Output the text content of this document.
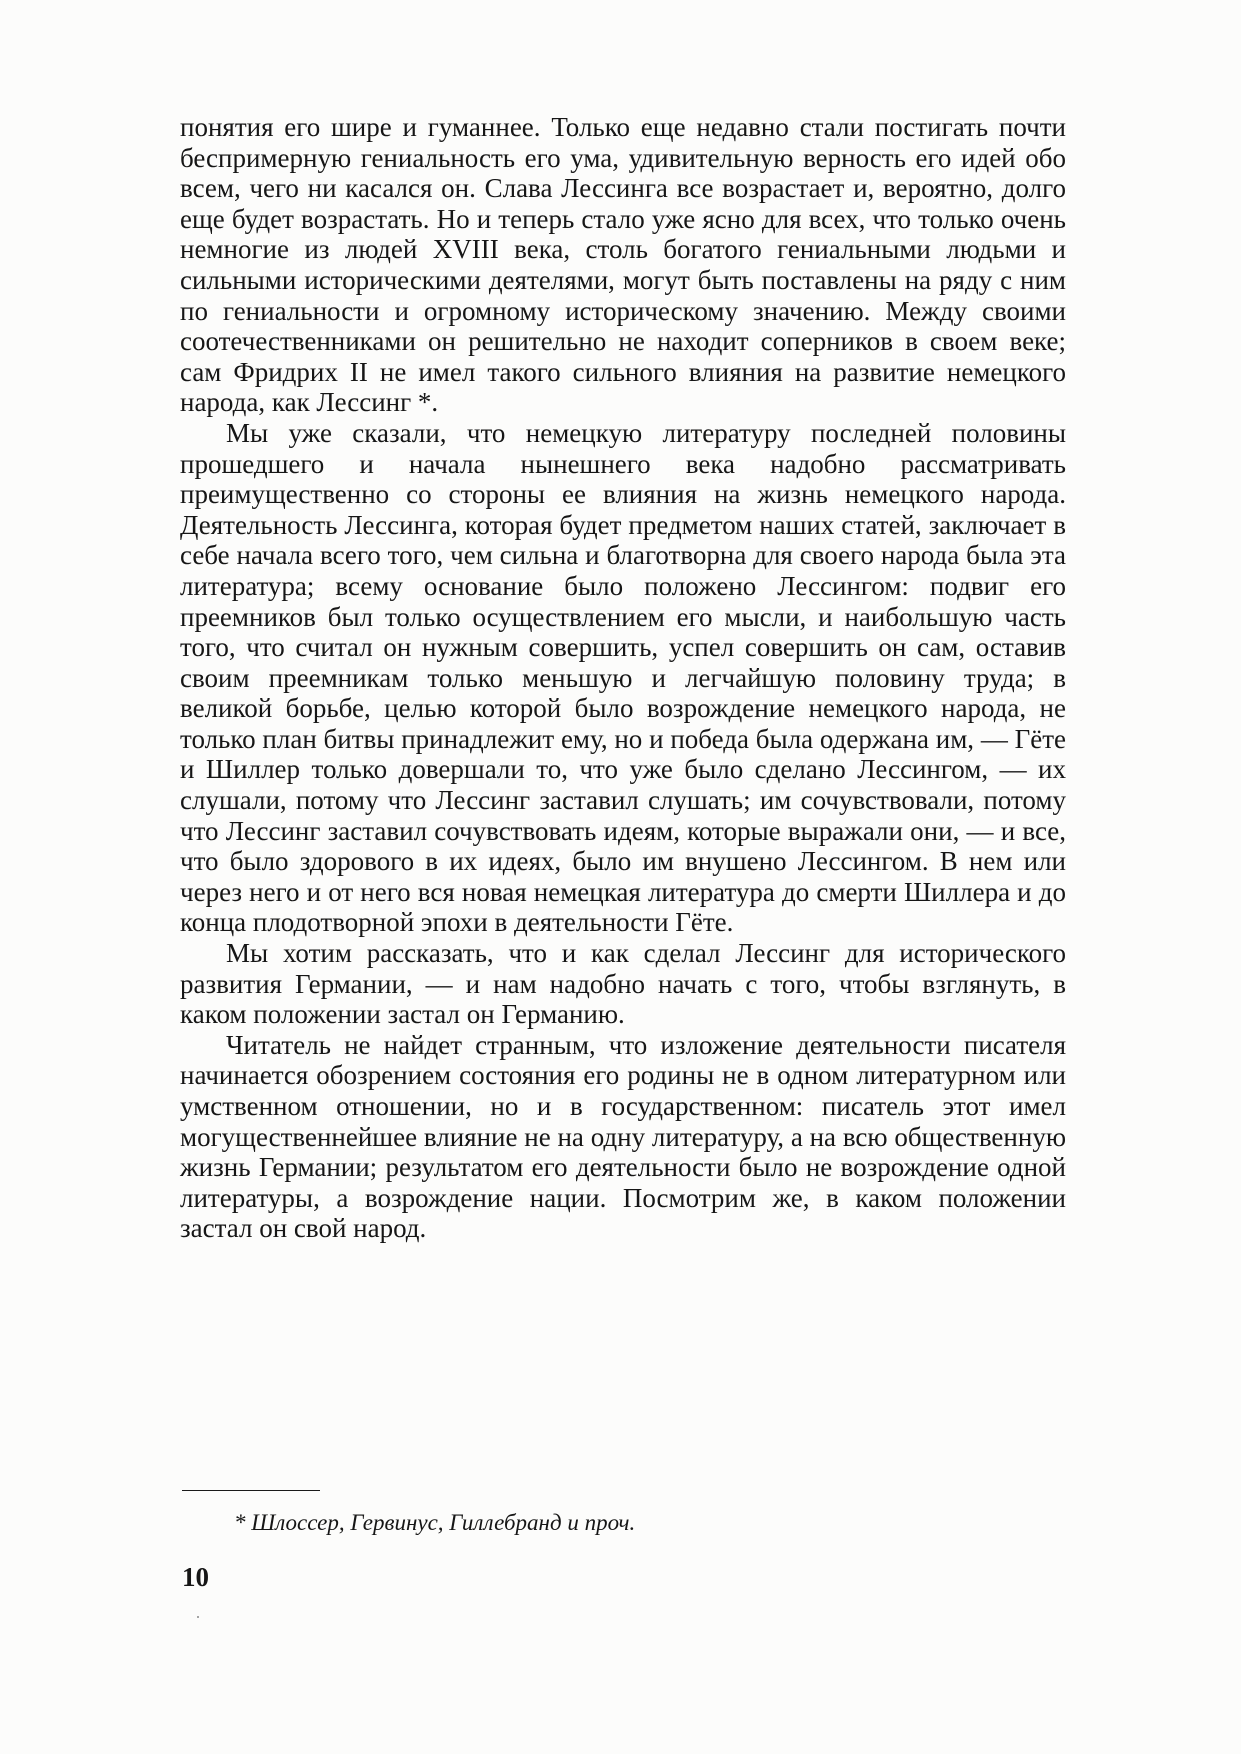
понятия его шире и гуманнее. Только еще недавно стали постигать почти беспримерную гениальность его ума, удивительную верность его идей обо всем, чего ни касался он. Слава Лессинга все возрастает и, вероятно, долго еще будет возрастать. Но и теперь стало уже ясно для всех, что только очень немногие из людей XVIII века, столь богатого гениальными людьми и сильными историческими деятелями, могут быть поставлены на ряду с ним по гениальности и огромному историческому значению. Между своими соотечественниками он решительно не находит соперников в своем веке; сам Фридрих II не имел такого сильного влияния на развитие немецкого народа, как Лессинг *.

Мы уже сказали, что немецкую литературу последней половины прошедшего и начала нынешнего века надобно рассматривать преимущественно со стороны ее влияния на жизнь немецкого народа. Деятельность Лессинга, которая будет предметом наших статей, заключает в себе начала всего того, чем сильна и благотворна для своего народа была эта литература; всему основание было положено Лессингом: подвиг его преемников был только осуществлением его мысли, и наибольшую часть того, что считал он нужным совершить, успел совершить он сам, оставив своим преемникам только меньшую и легчайшую половину труда; в великой борьбе, целью которой было возрождение немецкого народа, не только план битвы принадлежит ему, но и победа была одержана им, — Гёте и Шиллер только довершали то, что уже было сделано Лессингом, — их слушали, потому что Лессинг заставил слушать; им сочувствовали, потому что Лессинг заставил сочувствовать идеям, которые выражали они, — и все, что было здорового в их идеях, было им внушено Лессингом. В нем или через него и от него вся новая немецкая литература до смерти Шиллера и до конца плодотворной эпохи в деятельности Гёте.

Мы хотим рассказать, что и как сделал Лессинг для исторического развития Германии, — и нам надобно начать с того, чтобы взглянуть, в каком положении застал он Германию.

Читатель не найдет странным, что изложение деятельности писателя начинается обозрением состояния его родины не в одном литературном или умственном отношении, но и в государственном: писатель этот имел могущественнейшее влияние не на одну литературу, а на всю общественную жизнь Германии; результатом его деятельности было не возрождение одной литературы, а возрождение нации. Посмотрим же, в каком положении застал он свой народ.

* Шлоссер, Гервинус, Гиллебранд и проч.
10
